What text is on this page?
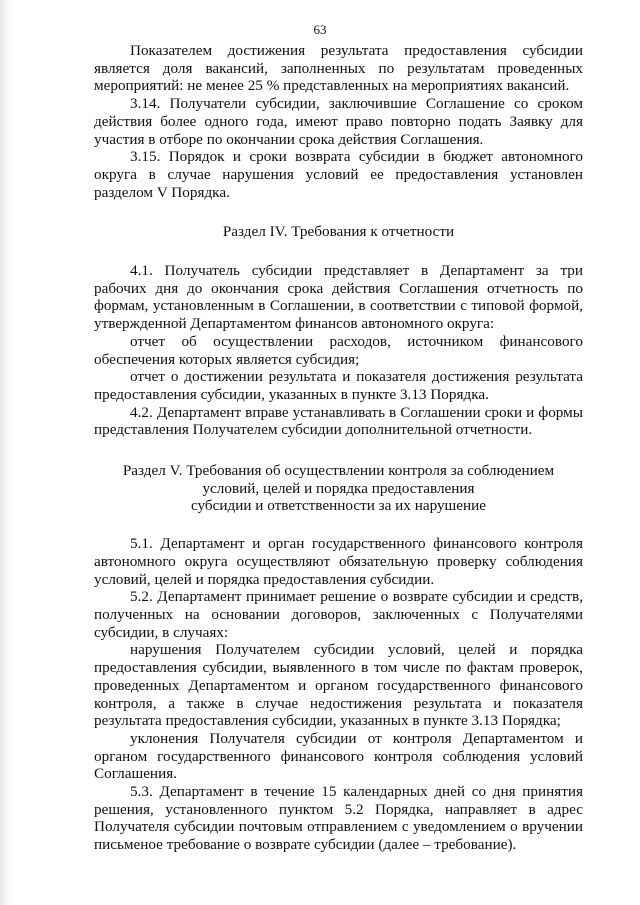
63

Показателем достижения результата предоставления субсидии является доля вакансий, заполненных по результатам проведенных мероприятий: не менее 25 % представленных на мероприятиях вакансий.

3.14. Получатели субсидии, заключившие Соглашение со сроком действия более одного года, имеют право повторно подать Заявку для участия в отборе по окончании срока действия Соглашения.

3.15. Порядок и сроки возврата субсидии в бюджет автономного округа в случае нарушения условий ее предоставления установлен разделом V Порядка.

Раздел IV. Требования к отчетности

4.1. Получатель субсидии представляет в Департамент за три рабочих дня до окончания срока действия Соглашения отчетность по формам, установленным в Соглашении, в соответствии с типовой формой, утвержденной Департаментом финансов автономного округа:

отчет об осуществлении расходов, источником финансового обеспечения которых является субсидия;

отчет о достижении результата и показателя достижения результата предоставления субсидии, указанных в пункте 3.13 Порядка.

4.2. Департамент вправе устанавливать в Соглашении сроки и формы представления Получателем субсидии дополнительной отчетности.

Раздел V. Требования об осуществлении контроля за соблюдением
условий, целей и порядка предоставления
субсидии и ответственности за их нарушение

5.1. Департамент и орган государственного финансового контроля автономного округа осуществляют обязательную проверку соблюдения условий, целей и порядка предоставления субсидии.

5.2. Департамент принимает решение о возврате субсидии и средств, полученных на основании договоров, заключенных с Получателями субсидии, в случаях:

нарушения Получателем субсидии условий, целей и порядка предоставления субсидии, выявленного в том числе по фактам проверок, проведенных Департаментом и органом государственного финансового контроля, а также в случае недостижения результата и показателя результата предоставления субсидии, указанных в пункте 3.13 Порядка;

уклонения Получателя субсидии от контроля Департаментом и органом государственного финансового контроля соблюдения условий Соглашения.

5.3. Департамент в течение 15 календарных дней со дня принятия решения, установленного пунктом 5.2 Порядка, направляет в адрес Получателя субсидии почтовым отправлением с уведомлением о вручении письменое требование о возврате субсидии (далее – требование).
